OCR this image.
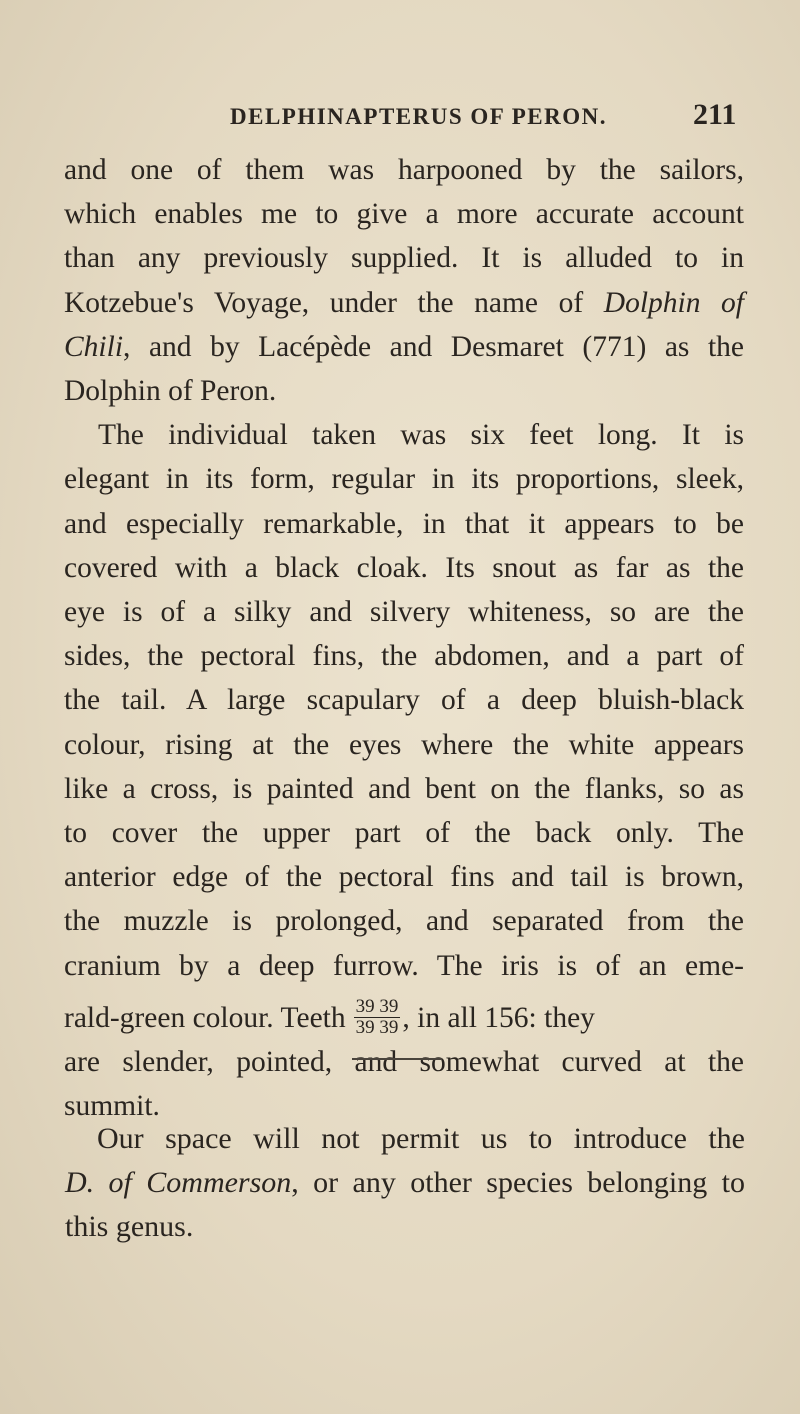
DELPHINAPTERUS OF PERON.	211

and one of them was harpooned by the sailors,
which enables me to give a more accurate account
than any previously supplied. It is alluded to in
Kotzebue's Voyage, under the name of Dolphin of
Chili, and by Lacépède and Desmaret (771) as the
Dolphin of Peron.

The individual taken was six feet long. It is
elegant in its form, regular in its proportions, sleek,
and especially remarkable, in that it appears to be
covered with a black cloak. Its snout as far as the
eye is of a silky and silvery whiteness, so are the
sides, the pectoral fins, the abdomen, and a part of
the tail. A large scapulary of a deep bluish-black
colour, rising at the eyes where the white appears
like a cross, is painted and bent on the flanks, so as
to cover the upper part of the back only. The
anterior edge of the pectoral fins and tail is brown,
the muzzle is prolonged, and separated from the
cranium by a deep furrow. The iris is of an eme-
rald-green colour. Teeth $\frac{39 39}{39 39}$ , in all 156: they
are slender, pointed, and somewhat curved at the
summit.

Our space will not permit us to introduce the
D. of Commerson, or any other species belonging to
this genus.
